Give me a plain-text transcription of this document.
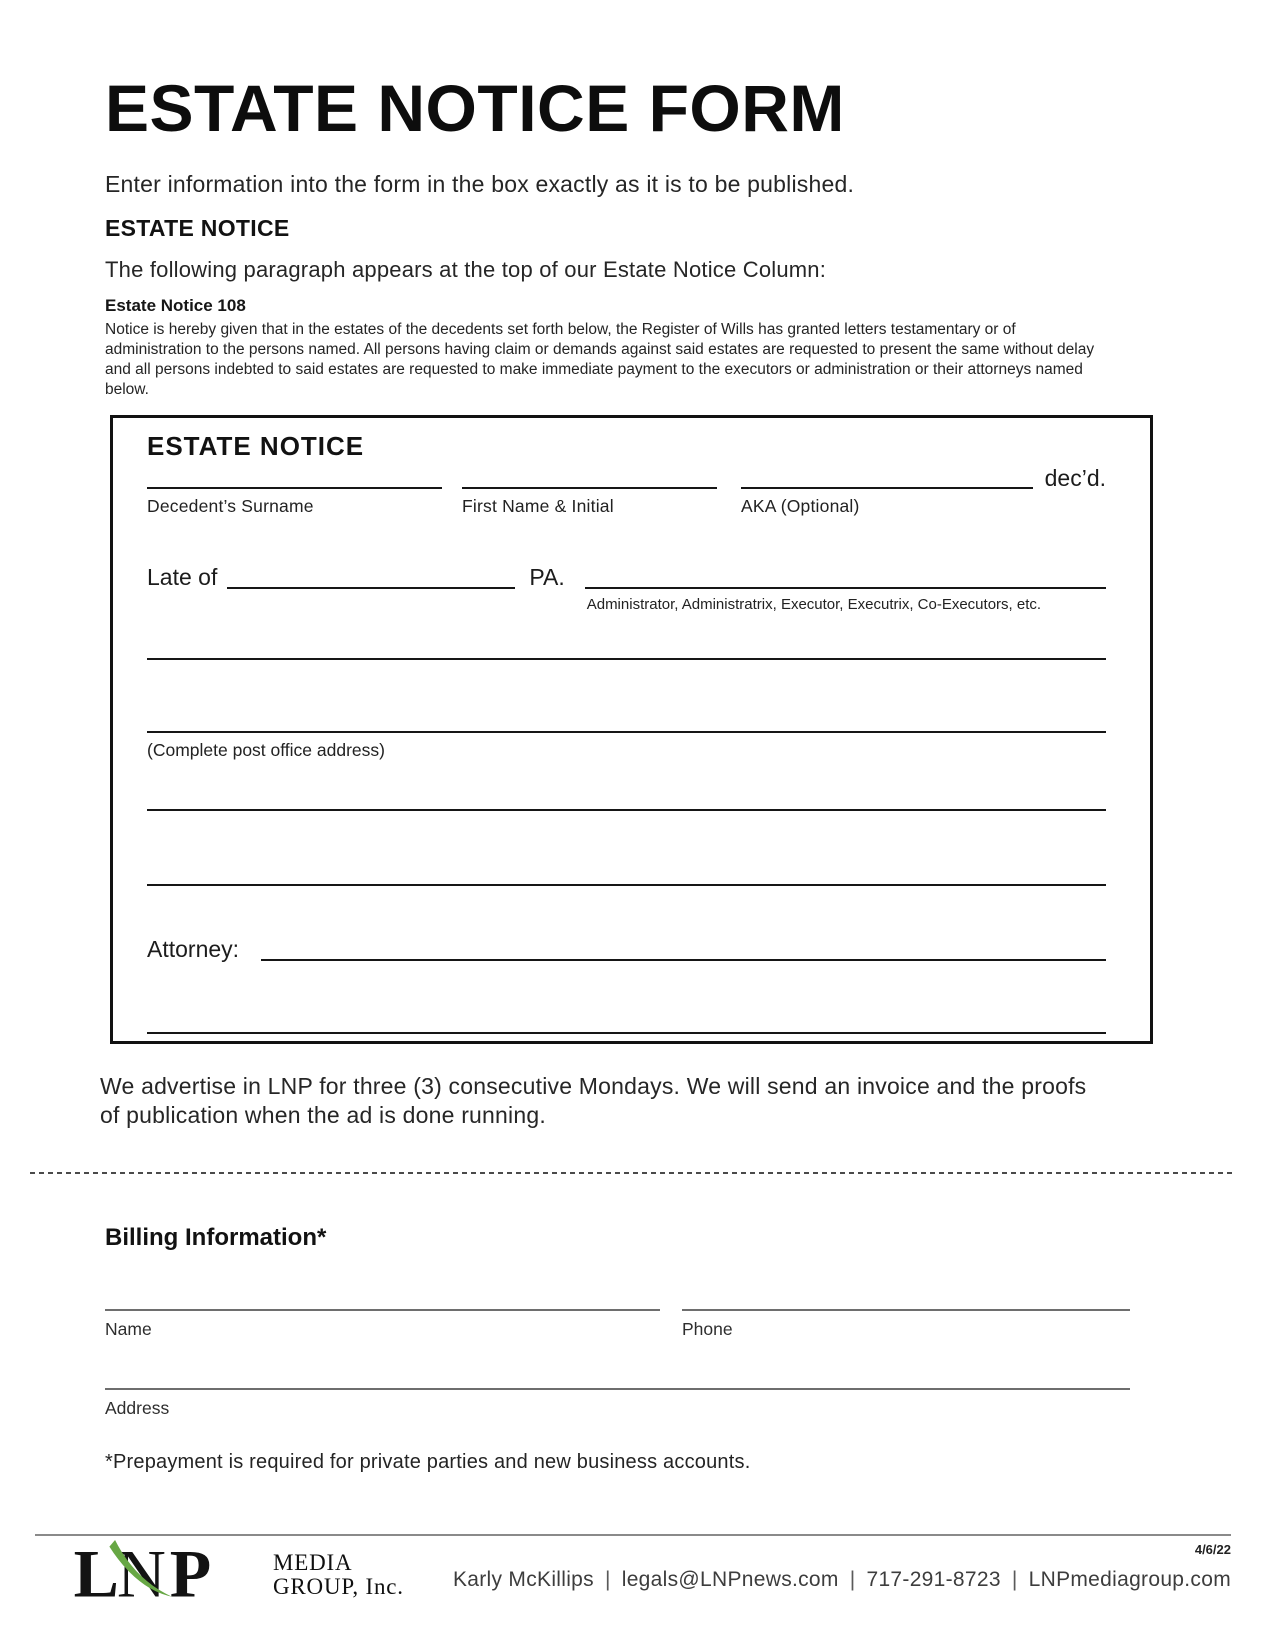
ESTATE NOTICE FORM

Enter information into the form in the box exactly as it is to be published.

ESTATE NOTICE

The following paragraph appears at the top of our Estate Notice Column:

Estate Notice 108

Notice is hereby given that in the estates of the decedents set forth below, the Register of Wills has granted letters testamentary or of administration to the persons named. All persons having claim or demands against said estates are requested to present the same without delay and all persons indebted to said estates are requested to make immediate payment to the executors or administration or their attorneys named below.

ESTATE NOTICE
dec’d.
Decedent’s Surname	First Name & Initial	AKA (Optional)
Late of	PA.
Administrator, Administratrix, Executor, Executrix, Co-Executors, etc.
(Complete post office address)
Attorney:

We advertise in LNP for three (3) consecutive Mondays. We will send an invoice and the proofs of publication when the ad is done running.

Billing Information*
Name	Phone
Address

*Prepayment is required for private parties and new business accounts.

4/6/22
L
N P	MEDIA
GROUP, Inc. Karly McKillips | legals@LNPnews.com | 717-291-8723 | LNPmediagroup.com
